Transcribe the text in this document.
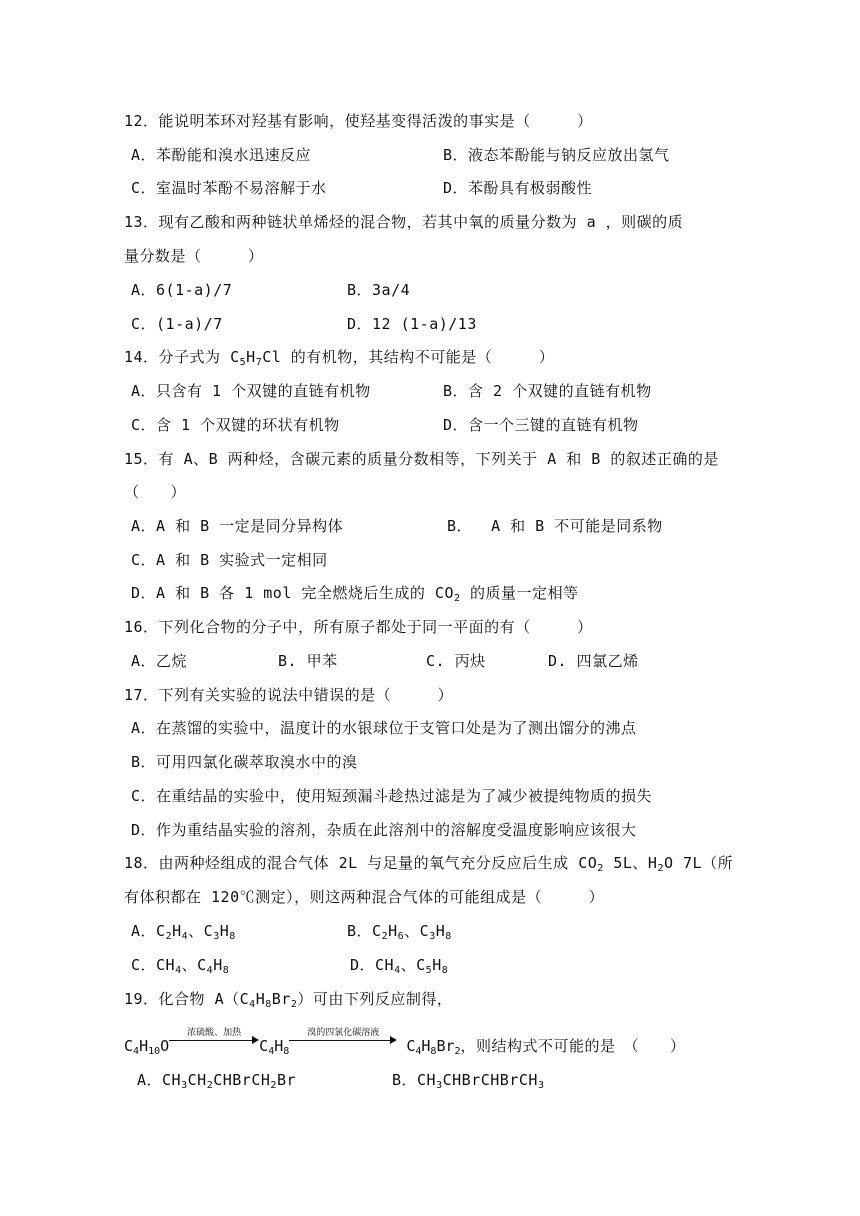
12．能说明苯环对羟基有影响，使羟基变得活泼的事实是（　　　）
A．苯酚能和溴水迅速反应	B．液态苯酚能与钠反应放出氢气
C．室温时苯酚不易溶解于水	D．苯酚具有极弱酸性
13．现有乙酸和两种链状单烯烃的混合物，若其中氧的质量分数为 a ，则碳的质
量分数是（　　　）
A．6(1-a)/7	B．3a/4
C．(1-a)/7	D．12 (1-a)/13
14．分子式为 $C_5H_7Cl$ 的有机物，其结构不可能是（　　　）
A．只含有 1 个双键的直链有机物	B．含 2 个双键的直链有机物
C．含 1 个双键的环状有机物	D．含一个三键的直链有机物
15．有 A、B 两种烃，含碳元素的质量分数相等，下列关于 A 和 B 的叙述正确的是
（　　）
A．A 和 B 一定是同分异构体	B．  A 和 B 不可能是同系物
C．A 和 B 实验式一定相同
D．A 和 B 各 1 mol 完全燃烧后生成的 $CO_2$ 的质量一定相等
16．下列化合物的分子中，所有原子都处于同一平面的有（　　　）
A．乙烷	B. 甲苯	C. 丙炔	D. 四氯乙烯
17．下列有关实验的说法中错误的是（　　　）
A．在蒸馏的实验中，温度计的水银球位于支管口处是为了测出馏分的沸点
B．可用四氯化碳萃取溴水中的溴
C．在重结晶的实验中，使用短颈漏斗趁热过滤是为了减少被提纯物质的损失
D．作为重结晶实验的溶剂，杂质在此溶剂中的溶解度受温度影响应该很大
18．由两种烃组成的混合气体 2L 与足量的氧气充分反应后生成 $CO_2$ 5L、$H_2O$ 7L（所
有体积都在 120℃测定），则这两种混合气体的可能组成是（　　　）
A．$C_2H_4$、$C_3H_8$	B．$C_2H_6$、$C_3H_8$
C．$CH_4$、$C_4H_8$	D．$CH_4$、$C_5H_8$
19．化合物 $A(C_4H_8Br_2)$可由下列反应制得，
$C_4H_{10}O$
浓硫酸、加热
$C_4H_8$
溴的四氯化碳溶液
$C_4H_8Br_2$，则结构式不可能的是　（　　）
A．$CH_3CH_2CHBrCH_2Br$	B．$CH_3CHBrCHBrCH_3$
